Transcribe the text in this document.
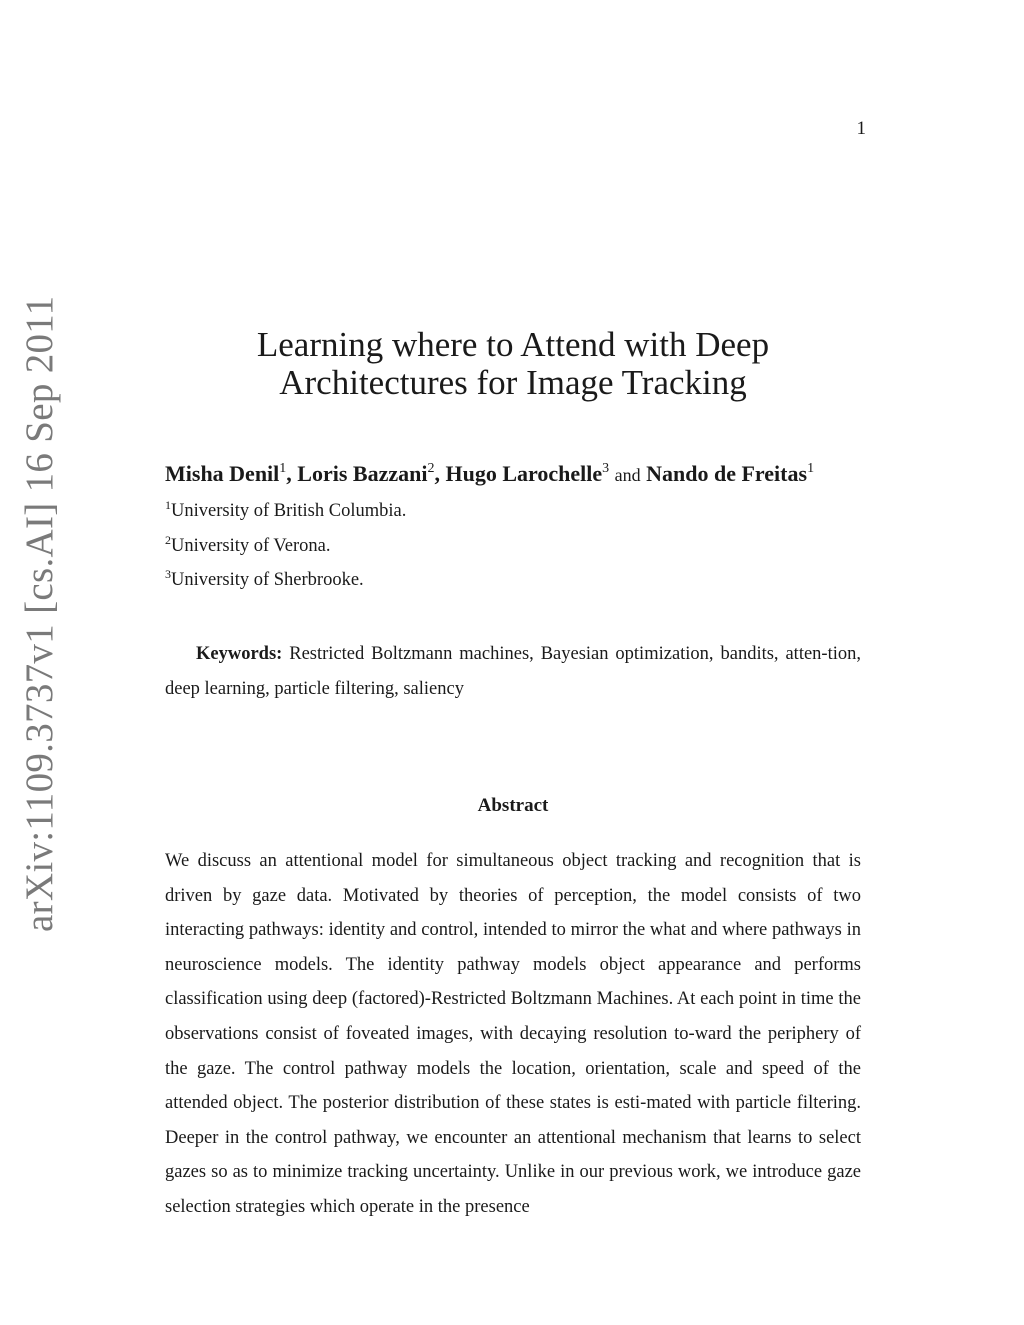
1
arXiv:1109.3737v1 [cs.AI] 16 Sep 2011	Learning where to Attend with Deep
Architectures for Image Tracking
Misha Denil$^1$, Loris Bazzani$^2$, Hugo Larochelle$^3$ and Nando de Freitas$^1$
$^1$University of British Columbia.
$^2$University of Verona.
$^3$University of Sherbrooke.

Keywords: Restricted Boltzmann machines, Bayesian optimization, bandits, atten-tion, deep learning, particle filtering, saliency

Abstract

We discuss an attentional model for simultaneous object tracking and recognition that is driven by gaze data. Motivated by theories of perception, the model consists of two interacting pathways: identity and control, intended to mirror the what and where pathways in neuroscience models. The identity pathway models object appearance and performs classification using deep (factored)-Restricted Boltzmann Machines. At each point in time the observations consist of foveated images, with decaying resolution to-ward the periphery of the gaze. The control pathway models the location, orientation, scale and speed of the attended object. The posterior distribution of these states is esti-mated with particle filtering. Deeper in the control pathway, we encounter an attentional mechanism that learns to select gazes so as to minimize tracking uncertainty. Unlike in our previous work, we introduce gaze selection strategies which operate in the presence
